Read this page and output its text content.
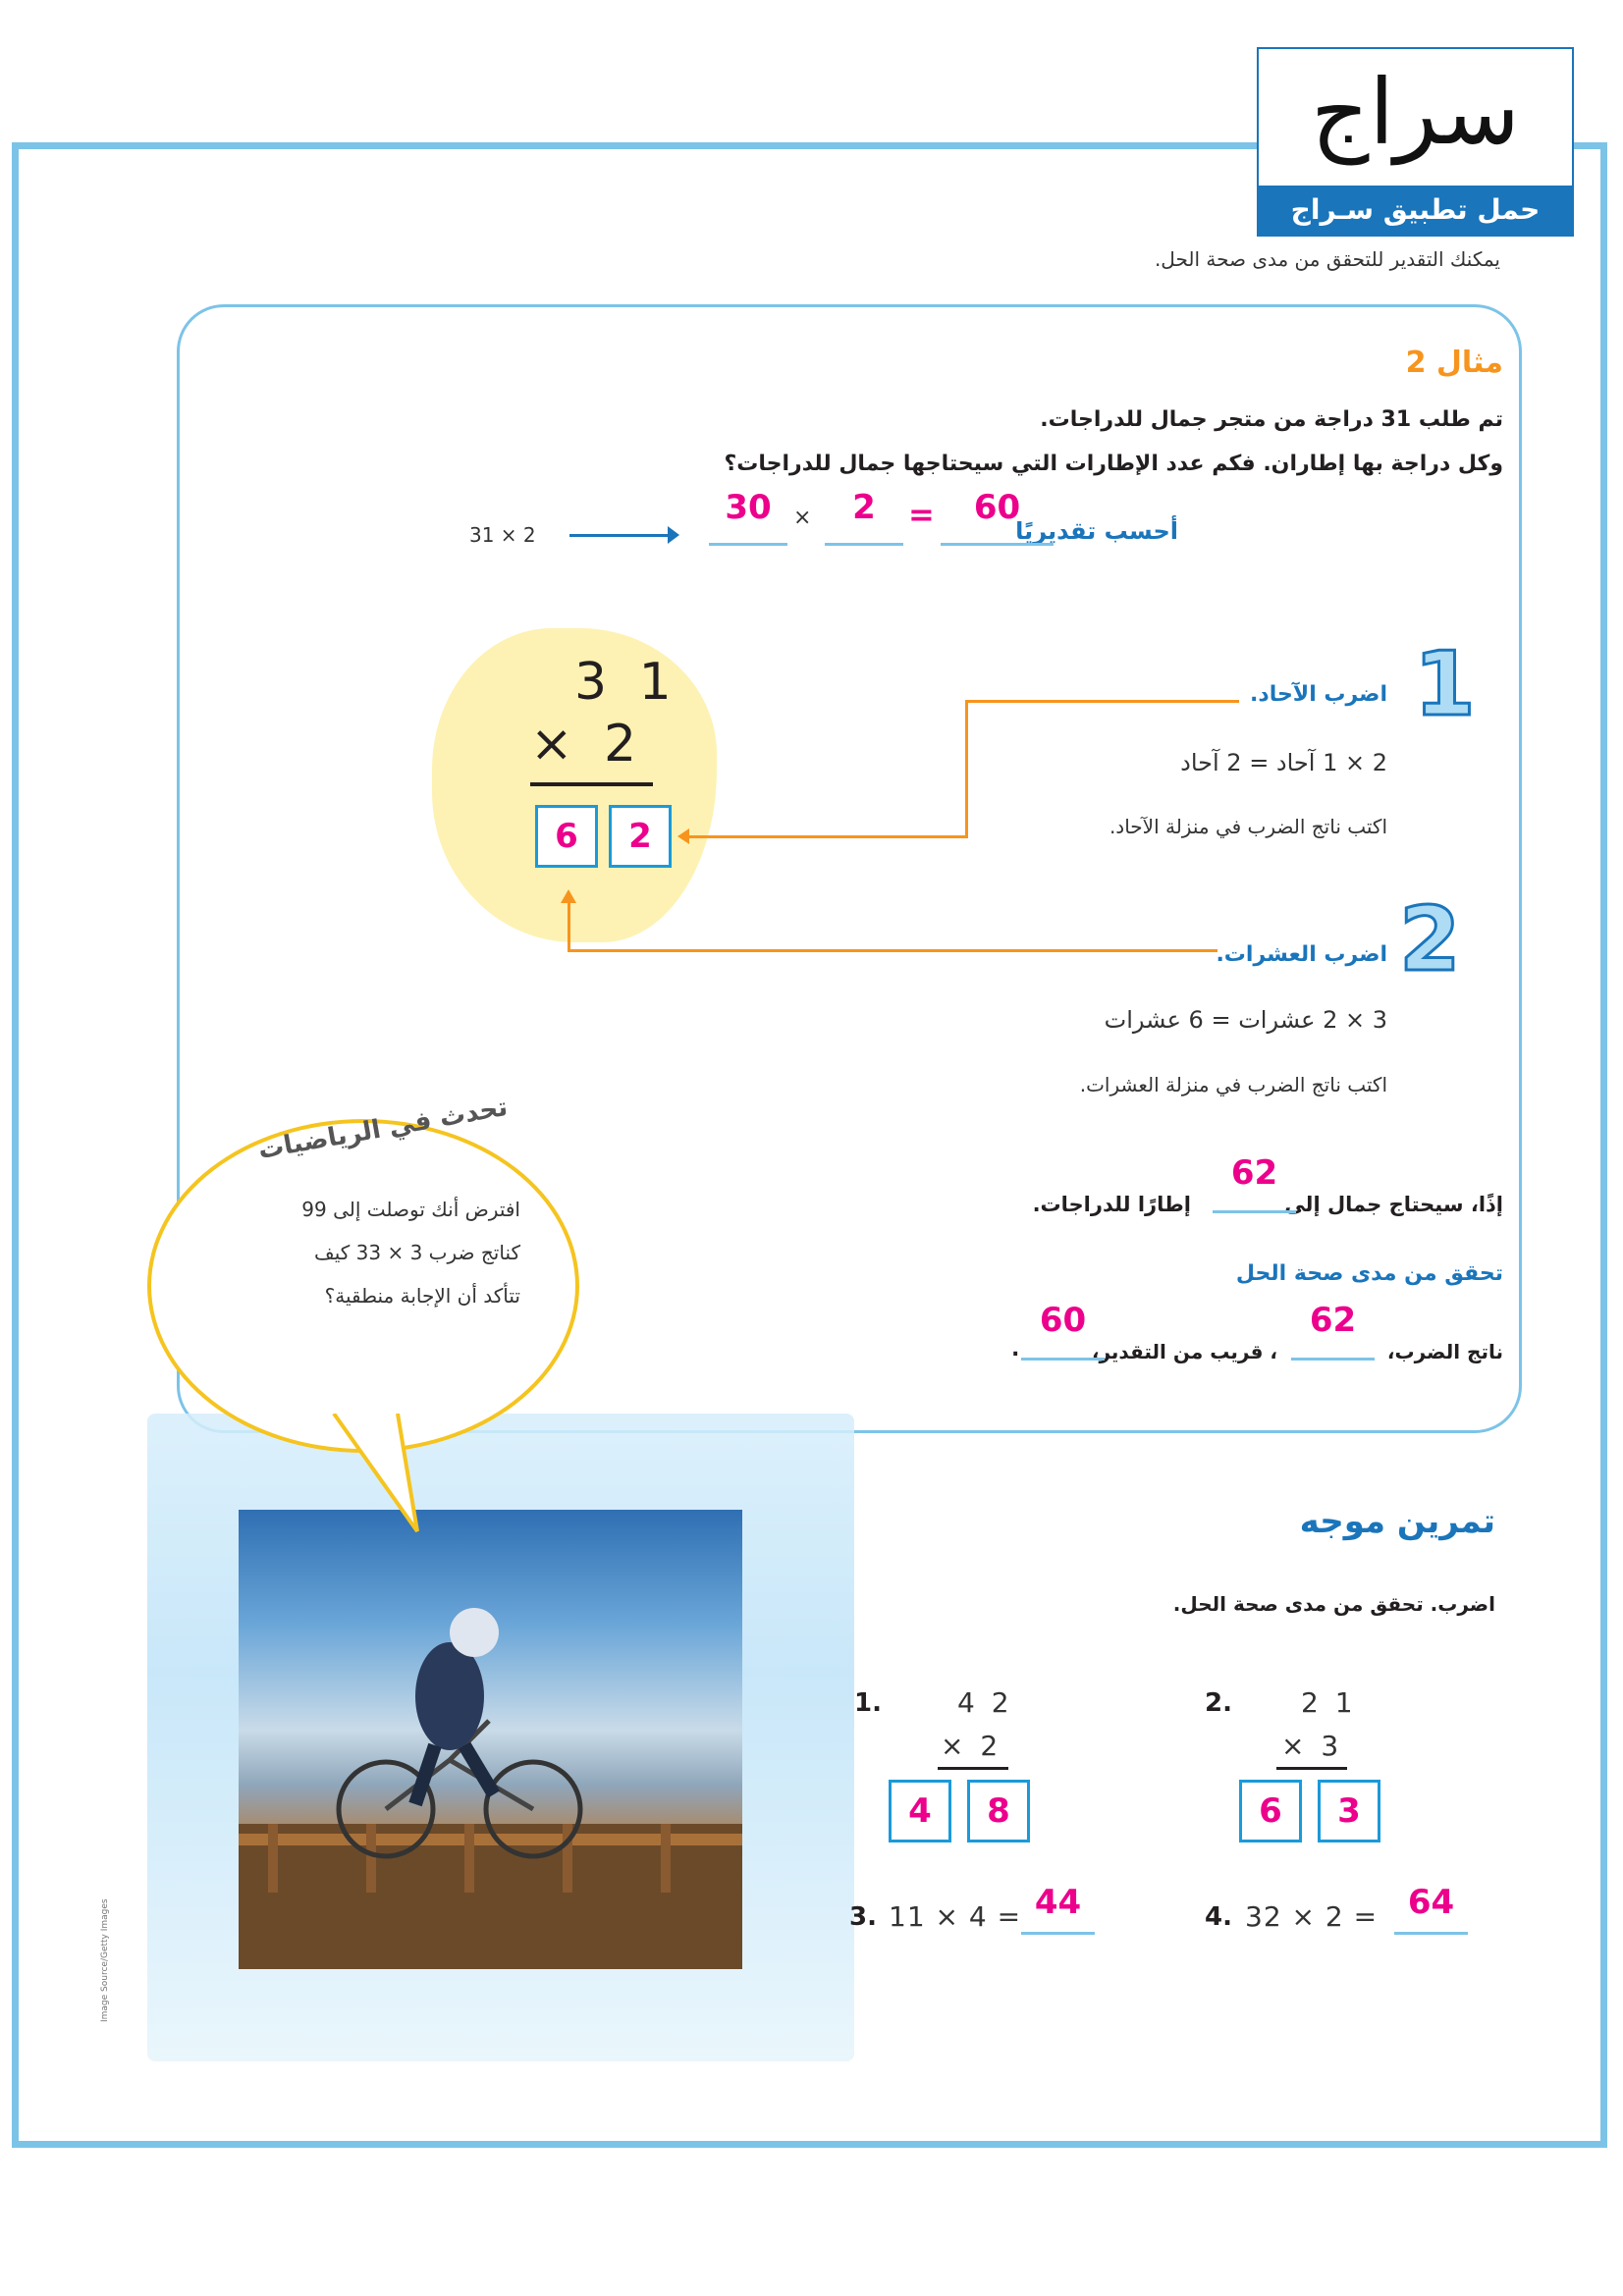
سراج
حمل تطبيق سـراج
يمكنك التقدير للتحقق من مدى صحة الحل.
مثال 2
تم طلب 31 دراجة من متجر جمال للدراجات.
وكل دراجة بها إطاران. فكم عدد الإطارات التي سيحتاجها جمال للدراجات؟
أحسب تقديريًا
60
=
2
×
30
31 × 2
3 1
× 2
6	2
1
اضرب الآحاد.
2 × 1 آحاد = 2 آحاد
اكتب ناتج الضرب في منزلة الآحاد.
2
اضرب العشرات.
3 × 2 عشرات = 6 عشرات
اكتب ناتج الضرب في منزلة العشرات.
إذًا، سيحتاج جمال إلى
62
إطارًا للدراجات.
تحقق من مدى صحة الحل
ناتج الضرب،
62
، قريب من التقدير،
60
.
Image Source/Getty Images
تحدث في الرياضيات
افترض أنك توصلت إلى 99
كناتج ضرب 3 × 33 كيف
تتأكد أن الإجابة منطقية؟
تمرين موجه
اضرب. تحقق من مدى صحة الحل.
1.	4 2
× 2
4	8
2.	2 1
× 3
6	3
3. 11 × 4 = 44	4. 32 × 2 = 64
